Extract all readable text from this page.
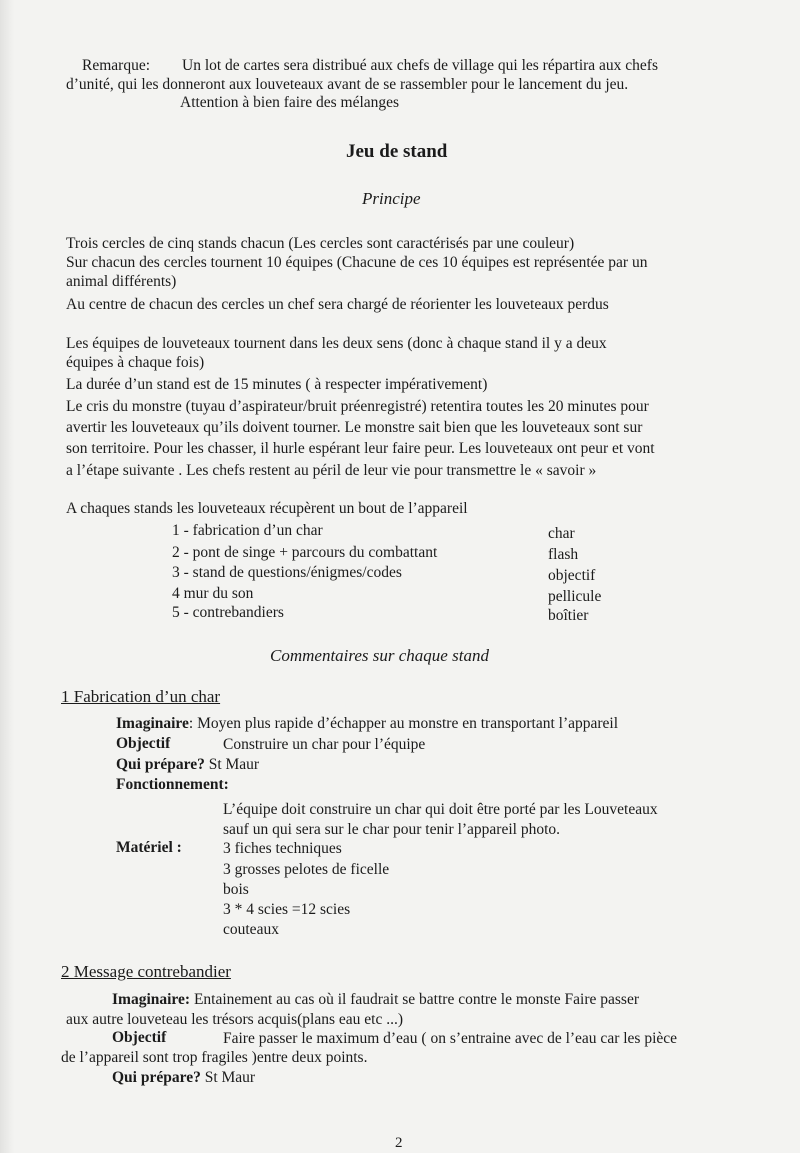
Remarque: Un lot de cartes sera distribué aux chefs de village qui les répartira aux chefs
d’unité, qui les donneront aux louveteaux avant de se rassembler pour le lancement du jeu.
Attention à bien faire des mélanges
Jeu de stand
Principe
Trois cercles de cinq stands chacun (Les cercles sont caractérisés par une couleur)
Sur chacun des cercles tournent 10 équipes (Chacune de ces 10 équipes est représentée par un
animal différents)
Au centre de chacun des cercles un chef sera chargé de réorienter les louveteaux perdus
Les équipes de louveteaux tournent dans les deux sens (donc à chaque stand il y a deux
équipes à chaque fois)
La durée d’un stand est de 15 minutes ( à respecter impérativement)
Le cris du monstre (tuyau d’aspirateur/bruit préenregistré) retentira toutes les 20 minutes pour
avertir les louveteaux qu’ils doivent tourner. Le monstre sait bien que les louveteaux sont sur
son territoire. Pour les chasser, il hurle espérant leur faire peur. Les louveteaux ont peur et vont
a l’étape suivante . Les chefs restent au péril de leur vie pour transmettre le « savoir »
A chaques stands les louveteaux récupèrent un bout de l’appareil
1 - fabrication d’un char	char
2 - pont de singe + parcours du combattant	flash
3 - stand de questions/énigmes/codes	objectif
4 mur du son	pellicule
5 - contrebandiers	boîtier
Commentaires sur chaque stand
1 Fabrication d’un char
Imaginaire: Moyen plus rapide d’échapper au monstre en transportant l’appareil
Objectif	Construire un char pour l’équipe
Qui prépare? St Maur
Fonctionnement:
L’équipe doit construire un char qui doit être porté par les Louveteaux
sauf un qui sera sur le char pour tenir l’appareil photo.
Matériel :	3 fiches techniques
3 grosses pelotes de ficelle
bois
3 * 4 scies =12 scies
couteaux
2 Message contrebandier
Imaginaire: Entainement au cas où il faudrait se battre contre le monste Faire passer
aux autre louveteau les trésors acquis(plans eau etc ...)
Objectif	Faire passer le maximum d’eau ( on s’entraine avec de l’eau car les pièce
de l’appareil sont trop fragiles )entre deux points.
Qui prépare? St Maur
2
